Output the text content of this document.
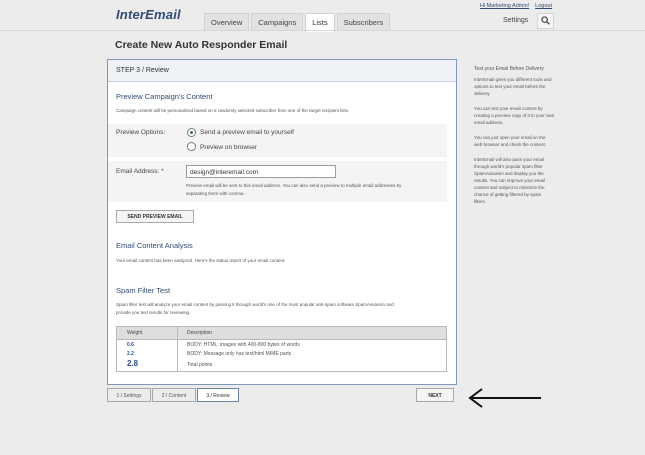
InterEmail
Overview	Campaigns	Lists	Subscribers
Hi Marketing Admin! Logout
Settings
Create New Auto Responder Email
STEP 3 / Review
Preview Campaign's Content
Campaign content will be personalized based on a randomly selected subscriber from one of the target recipient lists.
Preview Options:	Send a preview email to yourself
Preview on browser
Email Address: *	design@interemail.com
Preview email will be sent to this email address. You can also send a preview to multiple email addresses by
separating them with comma.
SEND PREVIEW EMAIL
Email Content Analysis
Your email content has been analyzed. Here's the status report of your email content.
Spam Filter Test
Spam filter test will analyze your email content by passing it through world's one of the most popular anti-spam software SpamAssassin and
provide you test results for reviewing.
Weight	Description
0.6	BODY: HTML: images with 400-800 bytes of words
2.2	BODY: Message only has text/html MIME parts
2.8	Total points
Test your Email Before Delivery

InterEmail gives you different tools and
options to test your email before the
delivery.

You can test your email content by
creating a preview copy of it to your own
email address.

You can just open your email on the
web browser and check the content.

InterEmail will also pass your email
through world's popular spam filter
SpamAssassin and display you the
results. You can improve your email
content and subject to minimize the
chance of getting filtered by spam
filters.

1 / Settings	2 / Content	3 / Review	NEXT
